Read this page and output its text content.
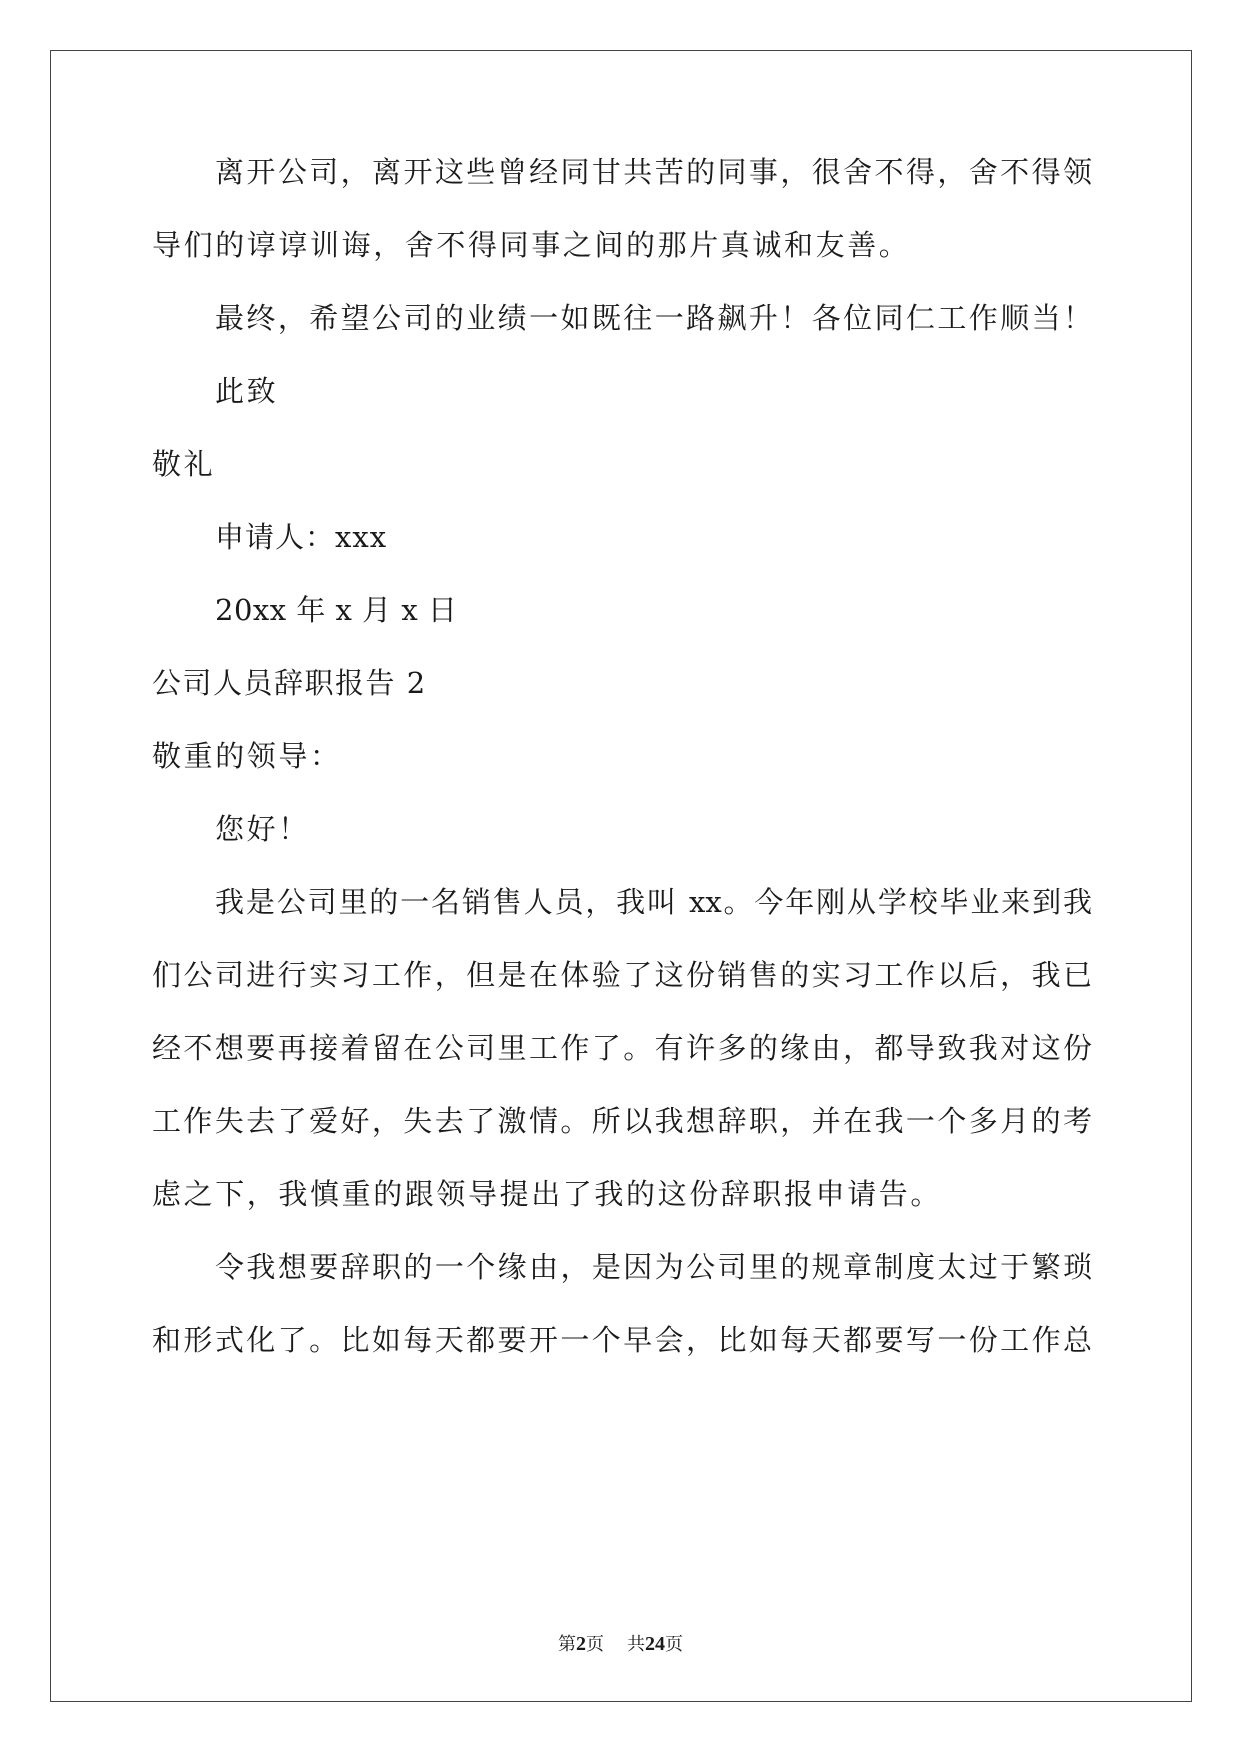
离开公司，离开这些曾经同甘共苦的同事，很舍不得，舍不得领
导们的谆谆训诲，舍不得同事之间的那片真诚和友善。
最终，希望公司的业绩一如既往一路飙升！各位同仁工作顺当！
此致
敬礼
申请人：xxx
20xx 年 x 月 x 日
公司人员辞职报告 2
敬重的领导：
您好！
我是公司里的一名销售人员，我叫 xx。今年刚从学校毕业来到我
们公司进行实习工作，但是在体验了这份销售的实习工作以后，我已
经不想要再接着留在公司里工作了。有许多的缘由，都导致我对这份
工作失去了爱好，失去了激情。所以我想辞职，并在我一个多月的考
虑之下，我慎重的跟领导提出了我的这份辞职报申请告。
令我想要辞职的一个缘由，是因为公司里的规章制度太过于繁琐
和形式化了。比如每天都要开一个早会，比如每天都要写一份工作总
第2页 共24页
